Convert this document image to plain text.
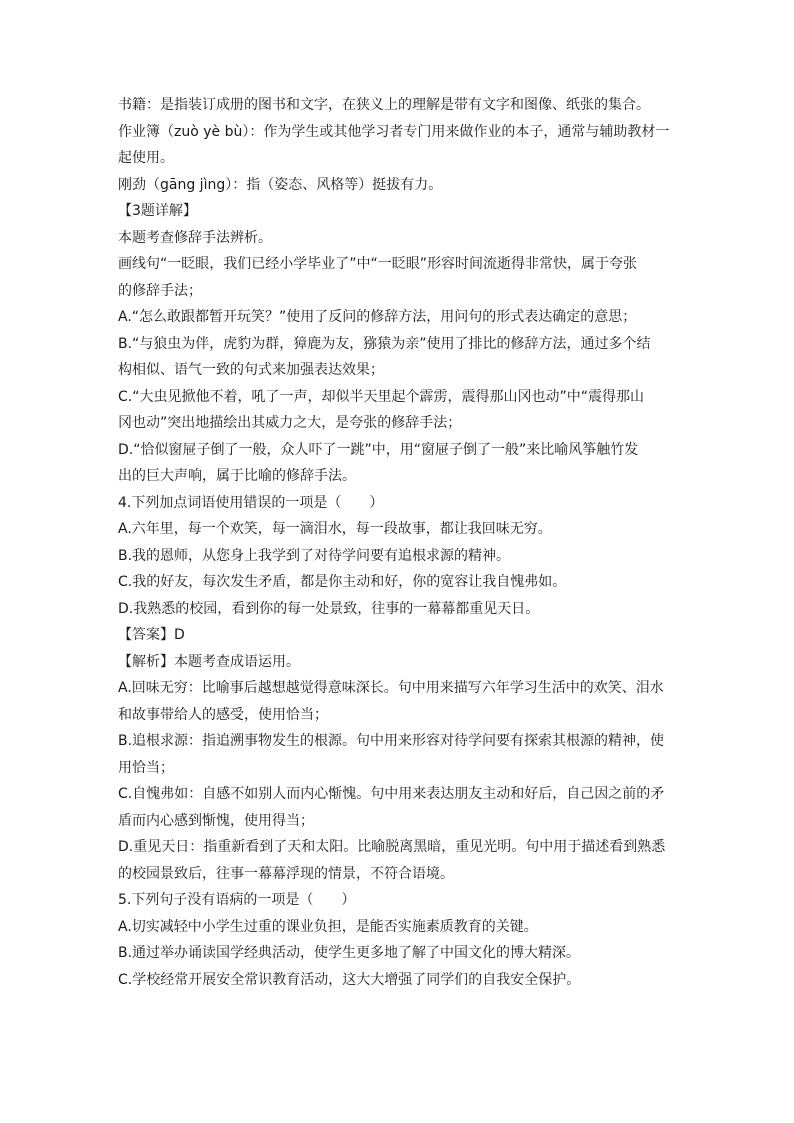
书籍：是指装订成册的图书和文字，在狭义上的理解是带有文字和图像、纸张的集合。
作业簿（zuò yè bù）：作为学生或其他学习者专门用来做作业的本子，通常与辅助教材一
起使用。
刚劲（gāng jìng）：指（姿态、风格等）挺拔有力。
【3题详解】
本题考查修辞手法辨析。
画线句“一眨眼，我们已经小学毕业了”中“一眨眼”形容时间流逝得非常快，属于夸张
的修辞手法；
A.“怎么敢跟都暂开玩笑？”使用了反问的修辞方法，用问句的形式表达确定的意思；
B.“与狼虫为伴，虎豹为群，獐鹿为友，猕猿为亲”使用了排比的修辞方法，通过多个结
构相似、语气一致的句式来加强表达效果；
C.“大虫见掀他不着，吼了一声，却似半天里起个霹雳，震得那山冈也动”中“震得那山
冈也动”突出地描绘出其威力之大，是夸张的修辞手法；
D.“恰似窗屉子倒了一般，众人吓了一跳”中，用“窗屉子倒了一般”来比喻风筝触竹发
出的巨大声响，属于比喻的修辞手法。
4.下列加点词语使用错误的一项是（　　）
A.六年里，每一个欢笑，每一滴泪水，每一段故事，都让我回味无穷。
B.我的恩师，从您身上我学到了对待学问要有追根求源的精神。
C.我的好友，每次发生矛盾，都是你主动和好，你的宽容让我自愧弗如。
D.我熟悉的校园，看到你的每一处景致，往事的一幕幕都重见天日。
【答案】D
【解析】本题考查成语运用。
A.回味无穷：比喻事后越想越觉得意味深长。句中用来描写六年学习生活中的欢笑、泪水
和故事带给人的感受，使用恰当；
B.追根求源：指追溯事物发生的根源。句中用来形容对待学问要有探索其根源的精神，使
用恰当；
C.自愧弗如：自感不如别人而内心惭愧。句中用来表达朋友主动和好后，自己因之前的矛
盾而内心感到惭愧，使用得当；
D.重见天日：指重新看到了天和太阳。比喻脱离黑暗，重见光明。句中用于描述看到熟悉
的校园景致后，往事一幕幕浮现的情景，不符合语境。
5.下列句子没有语病的一项是（　　）
A.切实减轻中小学生过重的课业负担，是能否实施素质教育的关键。
B.通过举办诵读国学经典活动，使学生更多地了解了中国文化的博大精深。
C.学校经常开展安全常识教育活动，这大大增强了同学们的自我安全保护。
